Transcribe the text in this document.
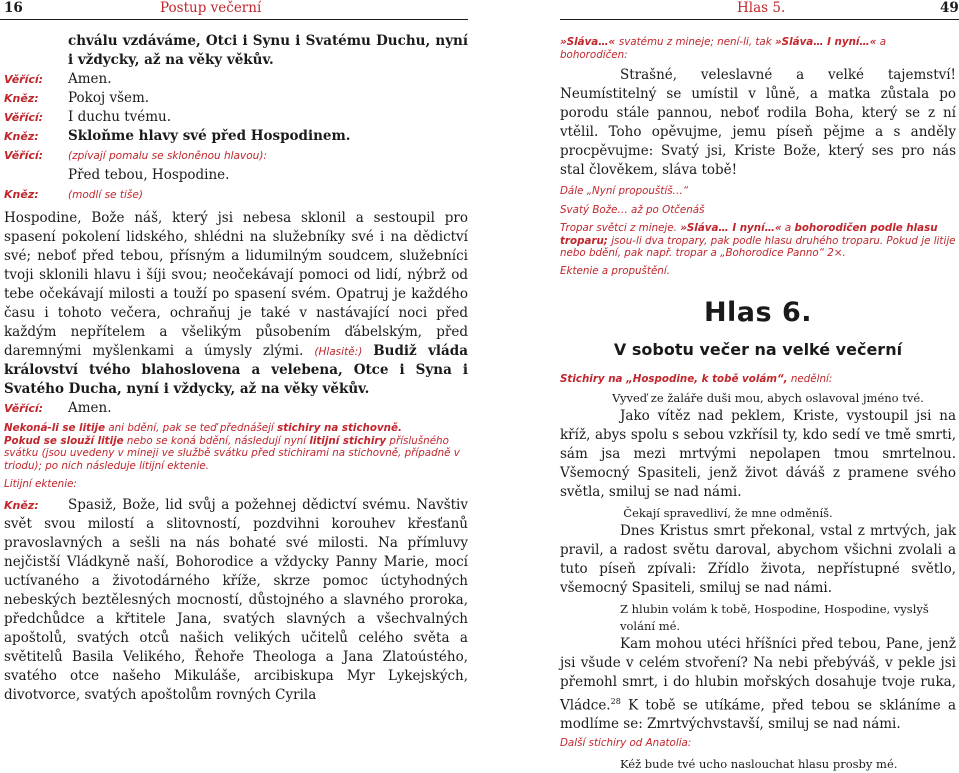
16	Postup večerní	Hlas 5.	49

chválu vzdáváme, Otci i Synu i Svatému Duchu, nyní i vždycky, až na věky věkův.

Věřící: Amen.
Kněz: Pokoj všem.
Věřící: I duchu tvému.
Kněz: Skloňme hlavy své před Hospodinem.
Věřící: (zpívají pomalu se skloněnou hlavou):
Před tebou, Hospodine.
Kněz:	(modlí se tiše)

Hospodine, Bože náš, který jsi nebesa sklonil a sestoupil pro spasení pokolení lidského, shlédni na služebníky své i na dědictví své; neboť před tebou, přísným a lidumilným soudcem, služebníci tvoji sklonili hlavu i šíji svou; neočekávají pomoci od lidí, nýbrž od tebe očekávají milosti a touží po spasení svém. Opatruj je každého času i tohoto večera, ochraňuj je také v nastávající noci před každým nepřítelem a všelikým působením ďábelským, před daremnými myšlenkami a úmysly zlými. (Hlasitě:) Budiž vláda království tvého blahoslovena a velebena, Otce i Syna i Svatého Ducha, nyní i vždycky, až na věky věkův.

Věřící: Amen.

Nekoná-li se litije ani bdění, pak se teď přednášejí stichiry na stichovně.
Pokud se slouží litije nebo se koná bdění, následují nyní litijní stichiry příslušného svátku (jsou uvedeny v mineji ve službě svátku před stichirami na stichovně, případně v triodu); po nich následuje litijní ektenie.

Litijní ektenie:

Kněz: Spasiž, Bože, lid svůj a požehnej dědictví svému. Navštiv svět svou milostí a slitovností, pozdvihni korouhev křesťanů pravoslavných a sešli na nás bohaté své milosti. Na přímluvy nejčistší Vládkyně naší, Bohorodice a vždycky Panny Marie, mocí uctívaného a životodárného kříže, skrze pomoc úctyhodných nebeských beztělesných mocností, důstojného a slavného proroka, předchůdce a křtitele Jana, svatých slavných a všechvalných apoštolů, svatých otců našich velikých učitelů celého světa a světitelů Basila Velikého, Řehoře Theologa a Jana Zlatoústého, svatého otce našeho Mikuláše, arcibiskupa Myr Lykejských, divotvorce, svatých apoštolům rovných Cyrila

»Sláva…« svatému z mineje; není-li, tak »Sláva… I nyní…« a bohorodičen:

Strašné, veleslavné a velké tajemství! Neumístitelný se umístil v lůně, a matka zůstala po porodu stále pannou, neboť rodila Boha, který se z ní vtělil. Toho opěvujme, jemu píseň pějme a s anděly procpěvujme: Svatý jsi, Kriste Bože, který ses pro nás stal člověkem, sláva tobě!

Dále „Nyní propouštíš…“

Svatý Bože… až po Otčenáš

Tropar světci z mineje. »Sláva… I nyní…« a bohorodičen podle hlasu troparu; jsou-li dva tropary, pak podle hlasu druhého troparu. Pokud je litije nebo bdění, pak např. tropar a „Bohorodice Panno“ 2×.

Ektenie a propuštění.

Hlas 6.
V sobotu večer na velké večerní

Stichiry na „Hospodine, k tobě volám“, nedělní:

Vyveď ze žaláře duši mou, abych oslavoval jméno tvé.

Jako vítěz nad peklem, Kriste, vystoupil jsi na kříž, abys spolu s sebou vzkřísil ty, kdo sedí ve tmě smrti, sám jsa mezi mrtvými nepolapen tmou smrtelnou. Všemocný Spasiteli, jenž život dáváš z pramene svého světla, smiluj se nad námi.

Čekají spravedliví, že mne odměníš.

Dnes Kristus smrt překonal, vstal z mrtvých, jak pravil, a radost světu daroval, abychom všichni zvolali a tuto píseň zpívali: Zřídlo života, nepřístupné světlo, všemocný Spasiteli, smiluj se nad námi.

Z hlubin volám k tobě, Hospodine, Hospodine, vyslyš volání mé.

Kam mohou utéci hříšníci před tebou, Pane, jenž jsi všude v celém stvoření? Na nebi přebýváš, v pekle jsi přemohl smrt, i do hlubin mořských dosahuje tvoje ruka, Vládce.$^{28}$ K tobě se utíkáme, před tebou se skláníme a modlíme se: Zmrtvýchvstavší, smiluj se nad námi.

Další stichiry od Anatolia:

Kéž bude tvé ucho naslouchat hlasu prosby mé.
